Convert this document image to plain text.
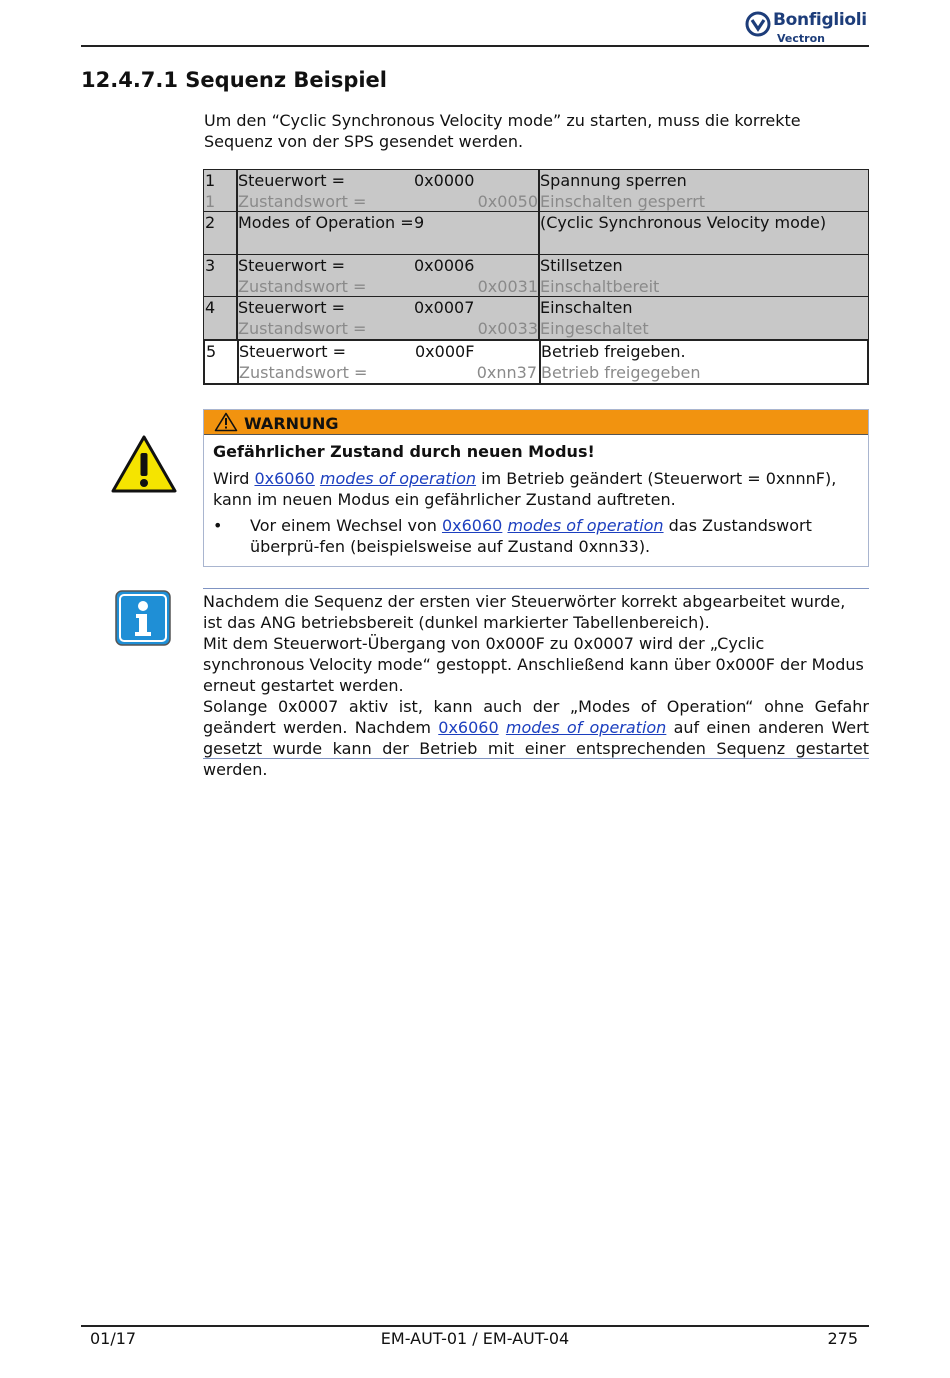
Bonfiglioli
Vectron
12.4.7.1 Sequenz Beispiel
Um den “Cyclic Synchronous Velocity mode” zu starten, muss die korrekte Sequenz von der SPS gesendet werden.
1 Steuerwort =	0x0000	Spannung sperren
1 Zustandswort =	0x0050 Einschalten gesperrt
2 Modes of Operation = 9	(Cyclic Synchronous Velocity mode)
3 Steuerwort =	0x0006	Stillsetzen
Zustandswort =	0x0031 Einschaltbereit
4 Steuerwort =	0x0007	Einschalten
Zustandswort =	0x0033 Eingeschaltet
5 Steuerwort =	0x000F	Betrieb freigeben.
Zustandswort =	0xnn37 Betrieb freigegeben
WARNUNG
Gefährlicher Zustand durch neuen Modus!
Wird 0x6060 modes of operation im Betrieb geändert (Steuerwort = 0xnnnF), kann im neuen Modus ein gefährlicher Zustand auftreten.
• Vor einem Wechsel von 0x6060 modes of operation das Zustandswort überprü-fen (beispielsweise auf Zustand 0xnn33).

Nachdem die Sequenz der ersten vier Steuerwörter korrekt abgearbeitet wurde, ist das ANG betriebsbereit (dunkel markierter Tabellenbereich).

Mit dem Steuerwort-Übergang von 0x000F zu 0x0007 wird der „Cyclic synchronous Velocity mode“ gestoppt. Anschließend kann über 0x000F der Modus erneut gestartet werden.

Solange 0x0007 aktiv ist, kann auch der „Modes of Operation“ ohne Gefahr geändert werden. Nachdem 0x6060 modes of operation auf einen anderen Wert gesetzt wurde kann der Betrieb mit einer entsprechenden Sequenz gestartet werden.

01/17	EM-AUT-01 / EM-AUT-04	275
